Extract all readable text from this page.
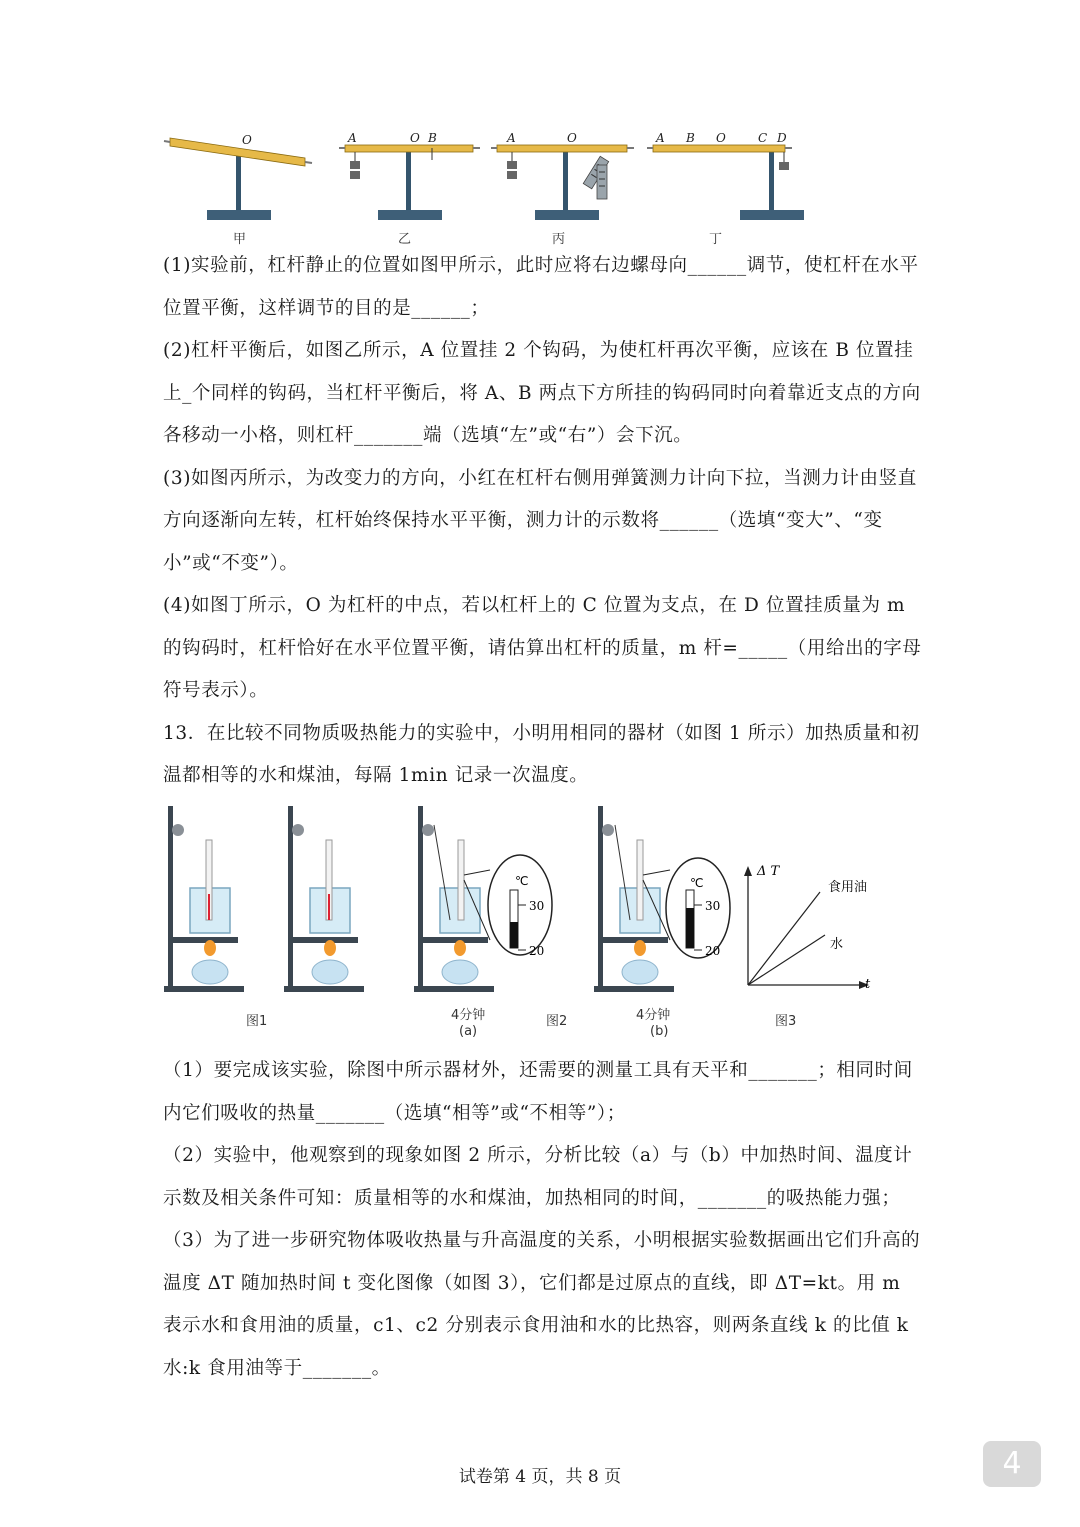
O	A	O B	A	O	A B O	C D
甲	乙	丙	丁

(1)实验前，杠杆静止的位置如图甲所示，此时应将右边螺母向______调节，使杠杆在水平位置平衡，这样调节的目的是______；

(2)杠杆平衡后，如图乙所示，A 位置挂 2 个钩码，为使杠杆再次平衡，应该在 B 位置挂上_个同样的钩码，当杠杆平衡后，将 A、B 两点下方所挂的钩码同时向着靠近支点的方向各移动一小格，则杠杆_______端（选填“左”或“右”）会下沉。

(3)如图丙所示，为改变力的方向，小红在杠杆右侧用弹簧测力计向下拉，当测力计由竖直方向逐渐向左转，杠杆始终保持水平平衡，测力计的示数将______（选填“变大”、“变小”或“不变”）。

(4)如图丁所示，O 为杠杆的中点，若以杠杆上的 C 位置为支点，在 D 位置挂质量为 m 的钩码时，杠杆恰好在水平位置平衡，请估算出杠杆的质量，m 杆=_____（用给出的字母符号表示）。

13．在比较不同物质吸热能力的实验中，小明用相同的器材（如图 1 所示）加热质量和初温都相等的水和煤油，每隔 1min 记录一次温度。

℃
30
20
℃
30
20
Δ T
t
食用油
水
图1	4分钟
(a)
图2	4分钟
(b)
图3

（1）要完成该实验，除图中所示器材外，还需要的测量工具有天平和_______；相同时间内它们吸收的热量_______（选填“相等”或“不相等”）；

（2）实验中，他观察到的现象如图 2 所示，分析比较（a）与（b）中加热时间、温度计示数及相关条件可知：质量相等的水和煤油，加热相同的时间，_______的吸热能力强；

（3）为了进一步研究物体吸收热量与升高温度的关系，小明根据实验数据画出它们升高的温度 ΔT 随加热时间 t 变化图像（如图 3），它们都是过原点的直线，即 ΔT=kt。用 m 表示水和食用油的质量，c1、c2 分别表示食用油和水的比热容，则两条直线 k 的比值 k 水:k 食用油等于_______。

试卷第 4 页，共 8 页	4
